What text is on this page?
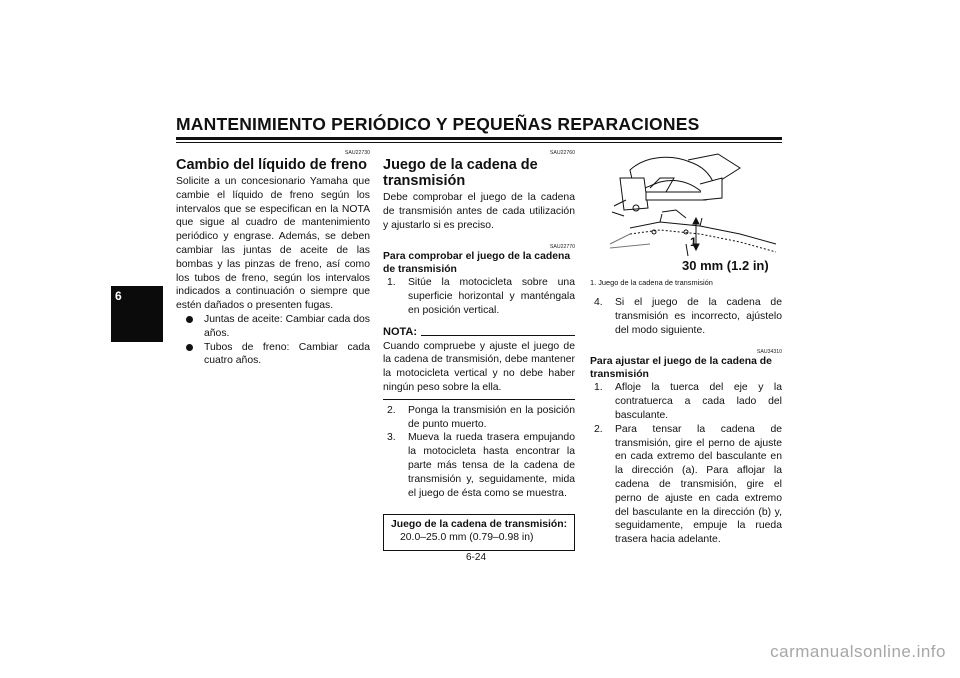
MANTENIMIENTO PERIÓDICO Y PEQUEÑAS REPARACIONES
6
SAU22730
Cambio del líquido de freno

Solicite a un concesionario Yamaha que cambie el líquido de freno según los intervalos que se especifican en la NOTA que sigue al cuadro de mantenimiento periódico y engrase. Además, se deben cambiar las juntas de aceite de las bombas y las pinzas de freno, así como los tubos de freno, según los intervalos indicados a continuación o siempre que estén dañados o presenten fugas.

Juntas de aceite: Cambiar cada dos años.
Tubos de freno: Cambiar cada cuatro años.
SAU22760
Juego de la cadena de transmisión

Debe comprobar el juego de la cadena de transmisión antes de cada utilización y ajustarlo si es preciso.

SAU22770
Para comprobar el juego de la cadena de transmisión
1. Sitúe la motocicleta sobre una superficie horizontal y manténgala en posición vertical.
NOTA:

Cuando compruebe y ajuste el juego de la cadena de transmisión, debe mantener la motocicleta vertical y no debe haber ningún peso sobre la ella.

2. Ponga la transmisión en la posición de punto muerto.
3. Mueva la rueda trasera empujando la motocicleta hasta encontrar la parte más tensa de la cadena de transmisión y, seguidamente, mida el juego de ésta como se muestra.
Juego de la cadena de transmisión:
20.0–25.0 mm (0.79–0.98 in)
1
30 mm (1.2 in)
1. Juego de la cadena de transmisión
4. Si el juego de la cadena de transmisión es incorrecto, ajústelo del modo siguiente.
SAU34310
Para ajustar el juego de la cadena de transmisión
1. Afloje la tuerca del eje y la contratuerca a cada lado del basculante.
2. Para tensar la cadena de transmisión, gire el perno de ajuste en cada extremo del basculante en la dirección (a). Para aflojar la cadena de transmisión, gire el perno de ajuste en cada extremo del basculante en la dirección (b) y, seguidamente, empuje la rueda trasera hacia adelante.
6-24
carmanualsonline.info
